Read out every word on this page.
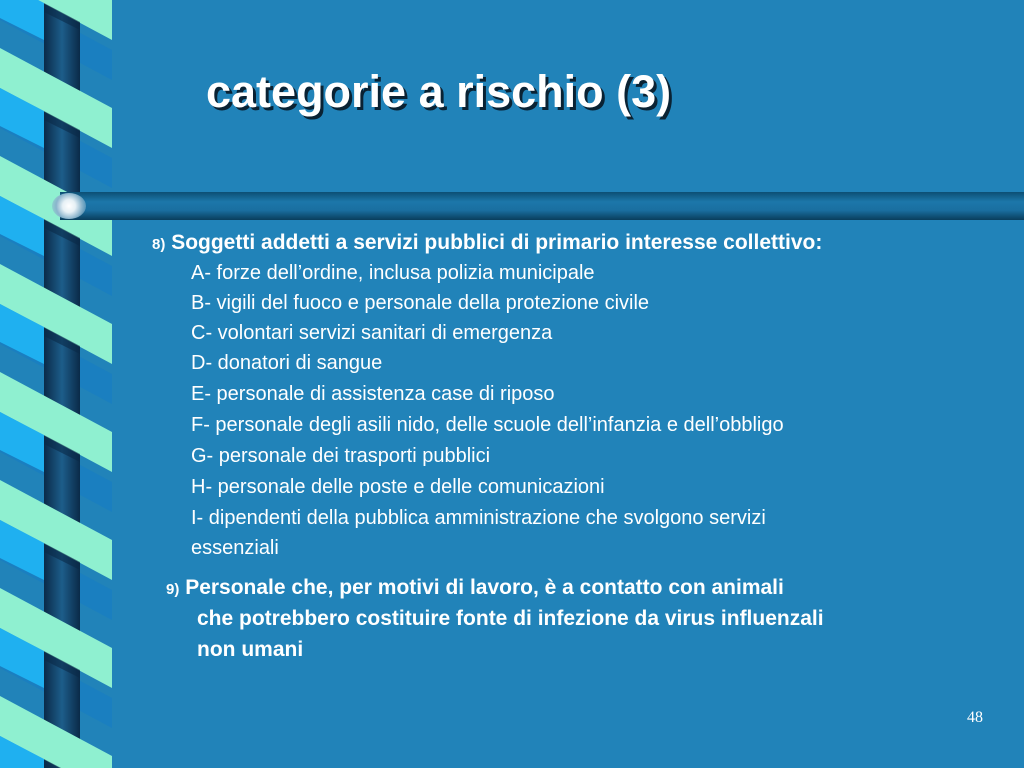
categorie a rischio (3)

8) Soggetti addetti a servizi pubblici di primario interesse collettivo:

A- forze dell’ordine, inclusa polizia municipale

B- vigili del fuoco e personale della protezione civile

C- volontari servizi sanitari di emergenza

D- donatori di sangue

E- personale di assistenza case di riposo

F- personale degli asili nido, delle scuole dell’infanzia e dell’obbligo

G- personale dei trasporti pubblici

H- personale delle poste e delle comunicazioni

I- dipendenti della pubblica amministrazione che svolgono servizi

essenziali

9) Personale che, per motivi di lavoro, è a contatto con animali

che potrebbero costituire fonte di infezione da virus influenzali

non umani

48
